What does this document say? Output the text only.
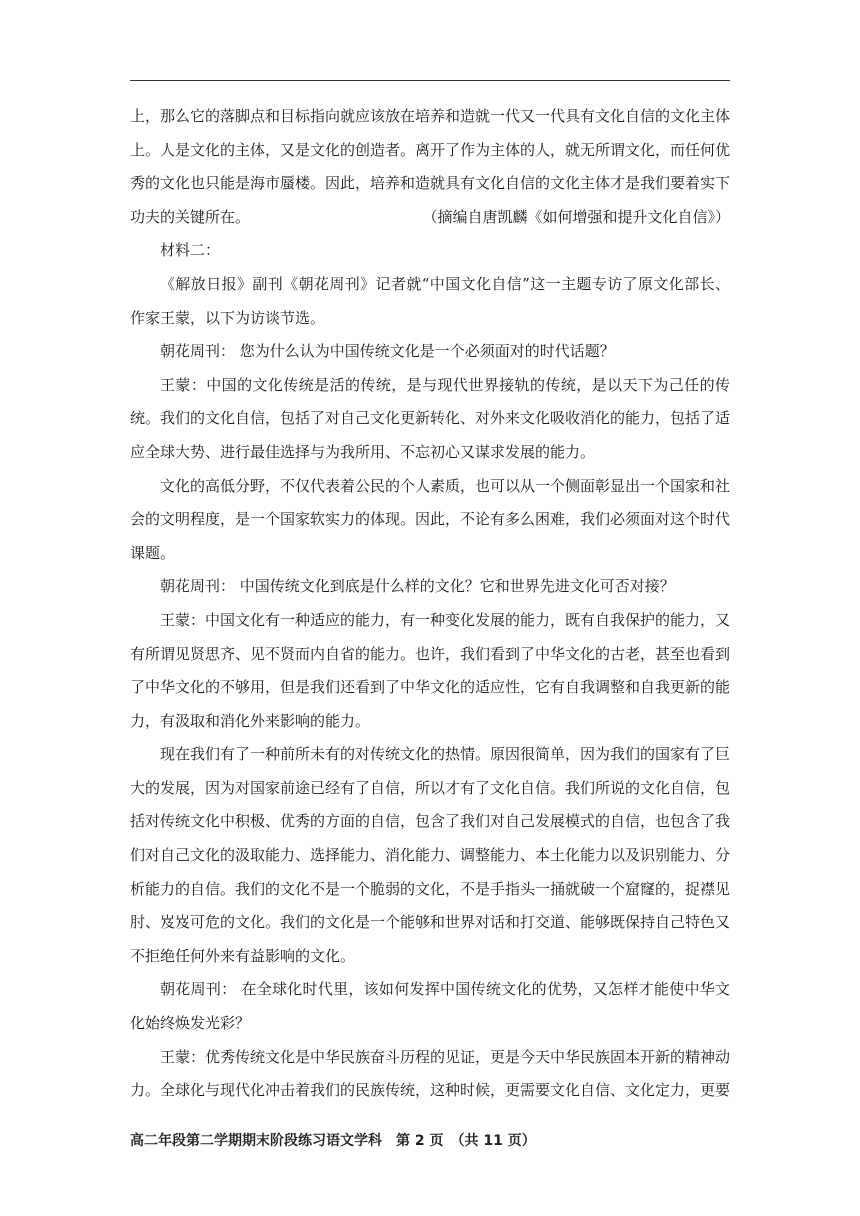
上，那么它的落脚点和目标指向就应该放在培养和造就一代又一代具有文化自信的文化主体上。人是文化的主体，又是文化的创造者。离开了作为主体的人，就无所谓文化，而任何优秀的文化也只能是海市蜃楼。因此，培养和造就具有文化自信的文化主体才是我们要着实下

功夫的关键所在。	（摘编自唐凯麟《如何增强和提升文化自信》）

材料二：

《解放日报》副刊《朝花周刊》记者就“中国文化自信”这一主题专访了原文化部长、作家王蒙，以下为访谈节选。

朝花周刊： 您为什么认为中国传统文化是一个必须面对的时代话题？

王蒙：中国的文化传统是活的传统，是与现代世界接轨的传统，是以天下为己任的传统。我们的文化自信，包括了对自己文化更新转化、对外来文化吸收消化的能力，包括了适应全球大势、进行最佳选择与为我所用、不忘初心又谋求发展的能力。

文化的高低分野，不仅代表着公民的个人素质，也可以从一个侧面彰显出一个国家和社会的文明程度，是一个国家软实力的体现。因此，不论有多么困难，我们必须面对这个时代课题。

朝花周刊： 中国传统文化到底是什么样的文化？它和世界先进文化可否对接？

王蒙：中国文化有一种适应的能力，有一种变化发展的能力，既有自我保护的能力，又有所谓见贤思齐、见不贤而内自省的能力。也许，我们看到了中华文化的古老，甚至也看到了中华文化的不够用，但是我们还看到了中华文化的适应性，它有自我调整和自我更新的能力，有汲取和消化外来影响的能力。

现在我们有了一种前所未有的对传统文化的热情。原因很简单，因为我们的国家有了巨大的发展，因为对国家前途已经有了自信，所以才有了文化自信。我们所说的文化自信，包括对传统文化中积极、优秀的方面的自信，包含了我们对自己发展模式的自信，也包含了我们对自己文化的汲取能力、选择能力、消化能力、调整能力、本土化能力以及识别能力、分析能力的自信。我们的文化不是一个脆弱的文化，不是手指头一捅就破一个窟窿的，捉襟见肘、岌岌可危的文化。我们的文化是一个能够和世界对话和打交道、能够既保持自己特色又不拒绝任何外来有益影响的文化。

朝花周刊： 在全球化时代里，该如何发挥中国传统文化的优势，又怎样才能使中华文化始终焕发光彩？

王蒙：优秀传统文化是中华民族奋斗历程的见证，更是今天中华民族固本开新的精神动力。全球化与现代化冲击着我们的民族传统，这种时候，更需要文化自信、文化定力，更要

高二年段第二学期期末阶段练习语文学科　第 2 页　（共 11 页）
